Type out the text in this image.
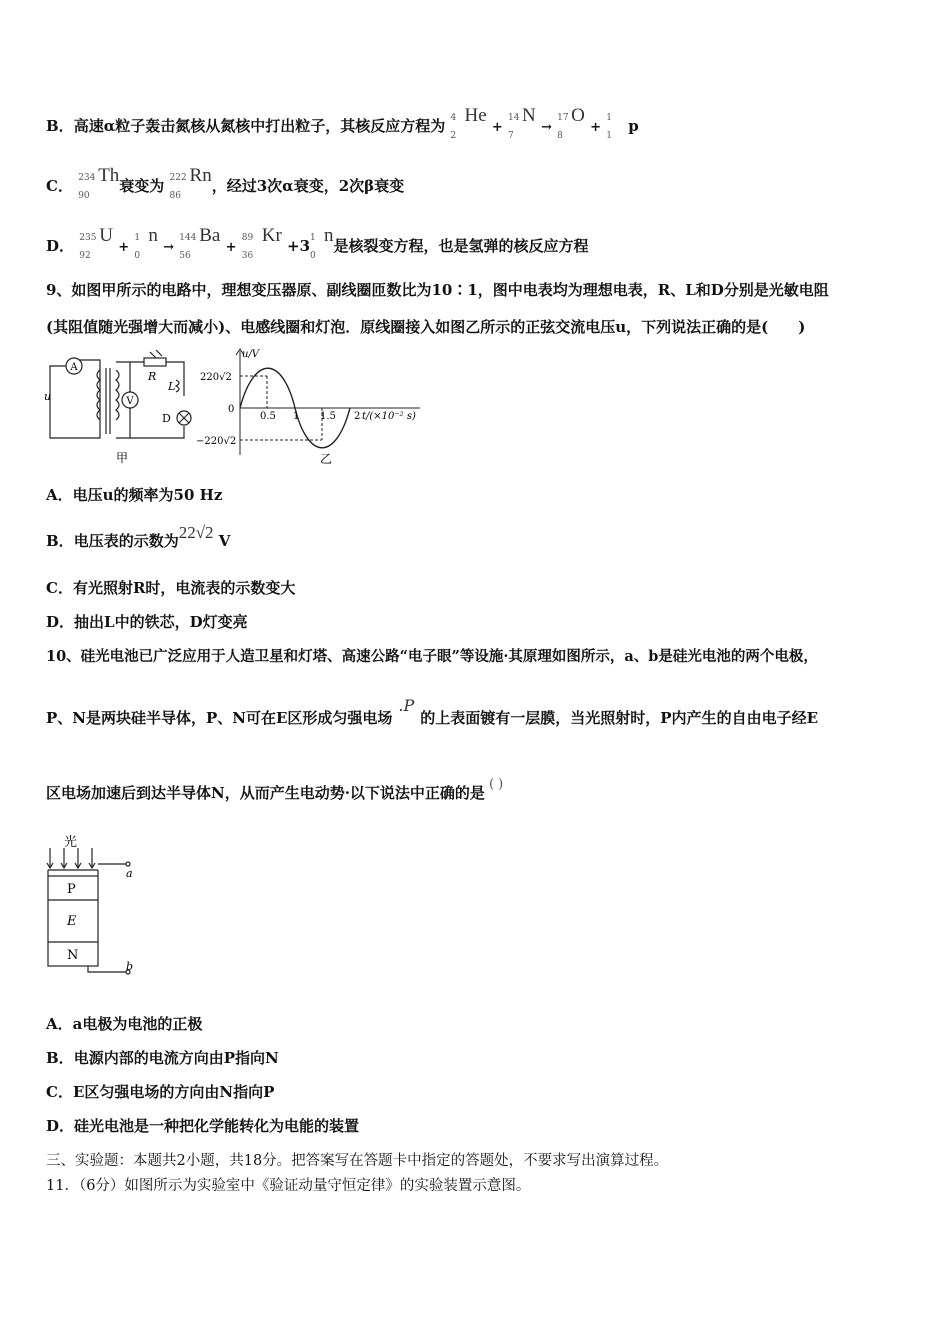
B．高速α粒子轰击氮核从氮核中打出粒子，其核反应方程为 4
2
He +
14
7
N →
17
8
O +
1
1
p
C． 234
90
Th衰变为 222
86
Rn，经过3次α衰变，2次β衰变
D． 235
92
U +
1
0
n →
144
56
Ba +
89
36
Kr +3 1
0
n是核裂变方程，也是氢弹的核反应方程
9、如图甲所示的电路中，理想变压器原、副线圈匝数比为10∶1，图中电表均为理想电表，R、L和D分别是光敏电阻
(其阻值随光强增大而减小)、电感线圈和灯泡．原线圈接入如图乙所示的正弦交流电压u，下列说法正确的是(　　)
A
V
u
R
L
D
甲
u/V
220√2
−220√2
0
0.5 1 1.5 2 t/(×10⁻² s)
乙
A．电压u的频率为50 Hz
B．电压表的示数为22√2 V
C．有光照射R时，电流表的示数变大
D．抽出L中的铁芯，D灯变亮
10、硅光电池已广泛应用于人造卫星和灯塔、高速公路“电子眼”等设施·其原理如图所示，a、b是硅光电池的两个电极，
P、N是两块硅半导体，P、N可在E区形成匀强电场.P的上表面镀有一层膜，当光照射时，P内产生的自由电子经E
区电场加速后到达半导体N，从而产生电动势·以下说法中正确的是 ( )
光
a
b
P
E
N
A．a电极为电池的正极
B．电源内部的电流方向由P指向N
C．E区匀强电场的方向由N指向P
D．硅光电池是一种把化学能转化为电能的装置
三、实验题：本题共2小题，共18分。把答案写在答题卡中指定的答题处，不要求写出演算过程。
11．（6分）如图所示为实验室中《验证动量守恒定律》的实验装置示意图。
